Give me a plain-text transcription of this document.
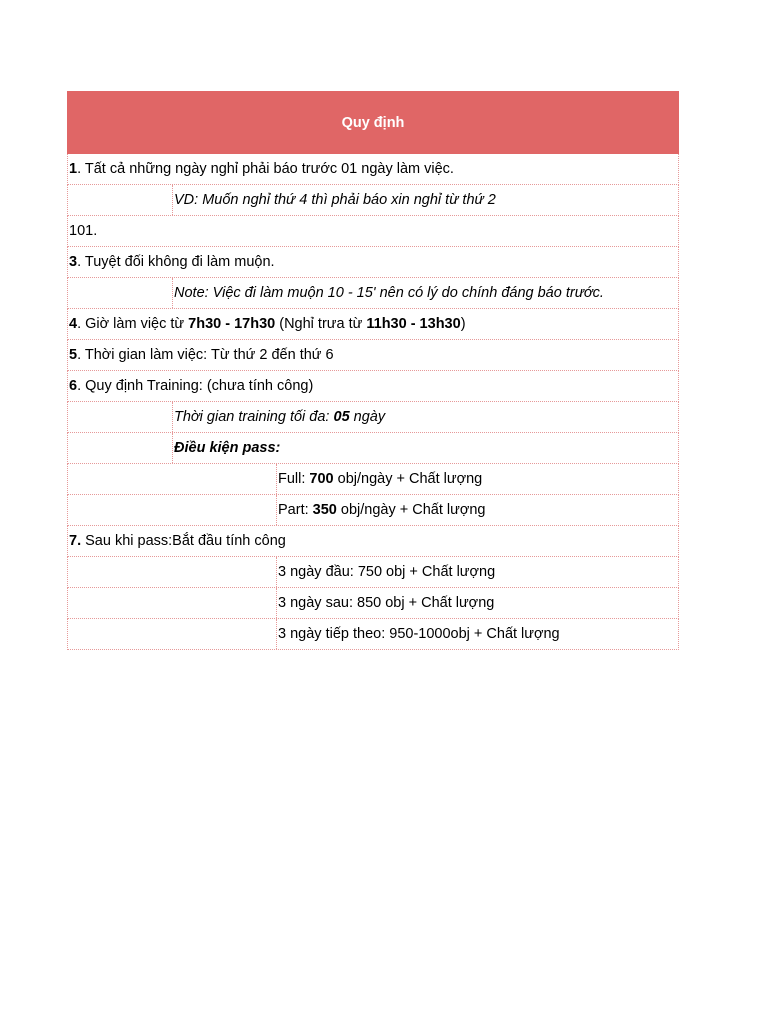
Quy định
1 . Tất cả những ngày nghỉ phải báo trước 01 ngày làm việc.
VD: Muốn nghỉ thứ 4 thì phải báo xin nghỉ từ thứ 2
101.
3 . Tuyệt đối không đi làm muộn.
Note: Việc đi làm muộn 10 - 15' nên có lý do chính đáng báo trước.
4 . Giờ làm việc từ 7h30 - 17h30 (Nghỉ trưa từ 11h30 - 13h30 )
5 . Thời gian làm việc: Từ thứ 2 đến thứ 6
6 . Quy định Training: (chưa tính công)
Thời gian training tối đa: 05 ngày
Điều kiện pass:
Full: 700 obj/ngày + Chất lượng
Part: 350 obj/ngày + Chất lượng
7. Sau khi pass:Bắt đầu tính công
3 ngày đầu: 750 obj + Chất lượng
3 ngày sau: 850 obj + Chất lượng
3 ngày tiếp theo: 950-1000obj + Chất lượng
